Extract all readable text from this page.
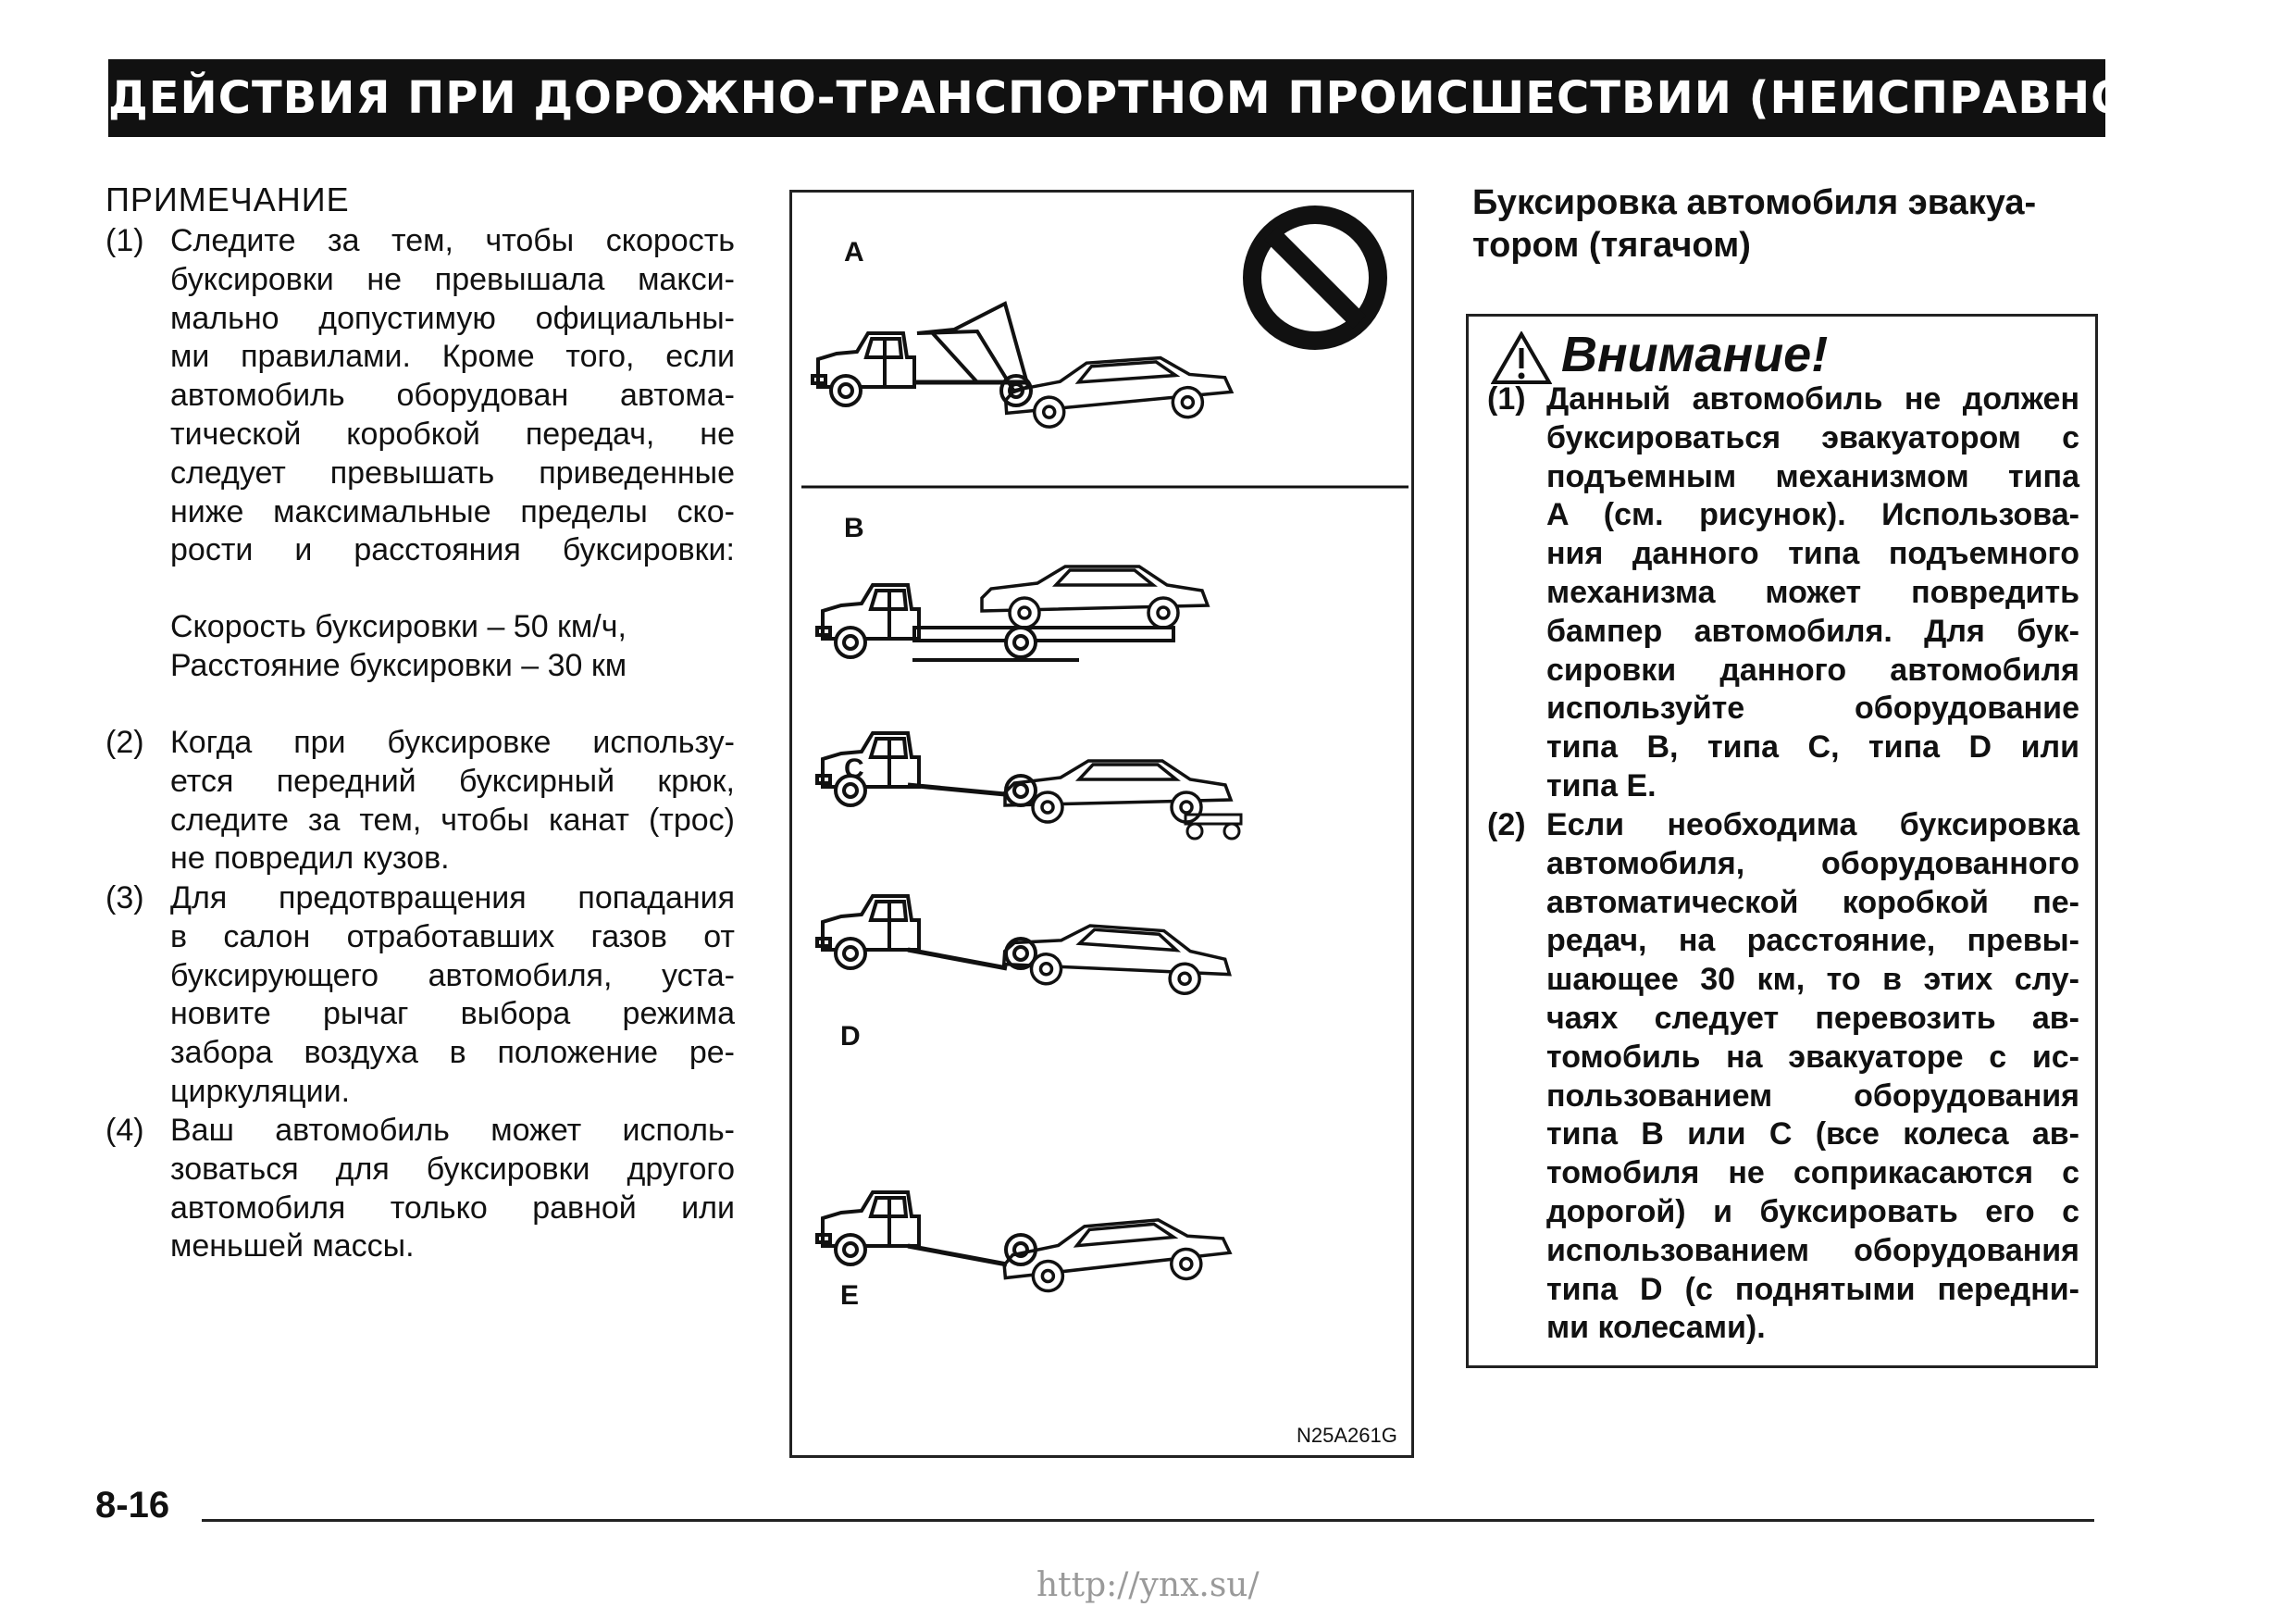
ДЕЙСТВИЯ ПРИ ДОРОЖНО-ТРАНСПОРТНОМ ПРОИСШЕСТВИИ (НЕИСПРАВНОСТИ)
ПРИМЕЧАНИЕ
(1) Следите за тем, чтобы скорость
буксировки не превышала макси-
мально допустимую официальны-
ми правилами. Кроме того, если
автомобиль оборудован автома-
тической коробкой передач, не
следует превышать приведенные
ниже максимальные пределы ско-
рости и расстояния буксировки:
Скорость буксировки – 50 км/ч,
Расстояние буксировки – 30 км
(2) Когда при буксировке использу-
ется передний буксирный крюк,
следите за тем, чтобы канат (трос)
не повредил кузов.
(3) Для предотвращения попадания
в салон отработавших газов от
буксирующего автомобиля, уста-
новите рычаг выбора режима
забора воздуха в положение ре-
циркуляции.
(4) Ваш автомобиль может исполь-
зоваться для буксировки другого
автомобиля только равной или
меньшей массы.
A
B
C
D
E
N25A261G
Буксировка автомобиля эвакуа-
тором (тягачом)
Внимание!
(1) Данный автомобиль не должен
буксироваться эвакуатором с
подъемным механизмом типа
A (см. рисунок). Использова-
ния данного типа подъемного
механизма может повредить
бампер автомобиля. Для бук-
сировки данного автомобиля
используйте оборудование
типа B, типа C, типа D или
типа E.
(2) Если необходима буксировка
автомобиля, оборудованного
автоматической коробкой пе-
редач, на расстояние, превы-
шающее 30 км, то в этих слу-
чаях следует перевозить ав-
томобиль на эвакуаторе с ис-
пользованием оборудования
типа B или C (все колеса ав-
томобиля не соприкасаются с
дорогой) и буксировать его с
использованием оборудования
типа D (с поднятыми передни-
ми колесами).
8-16
http://ynx.su/
